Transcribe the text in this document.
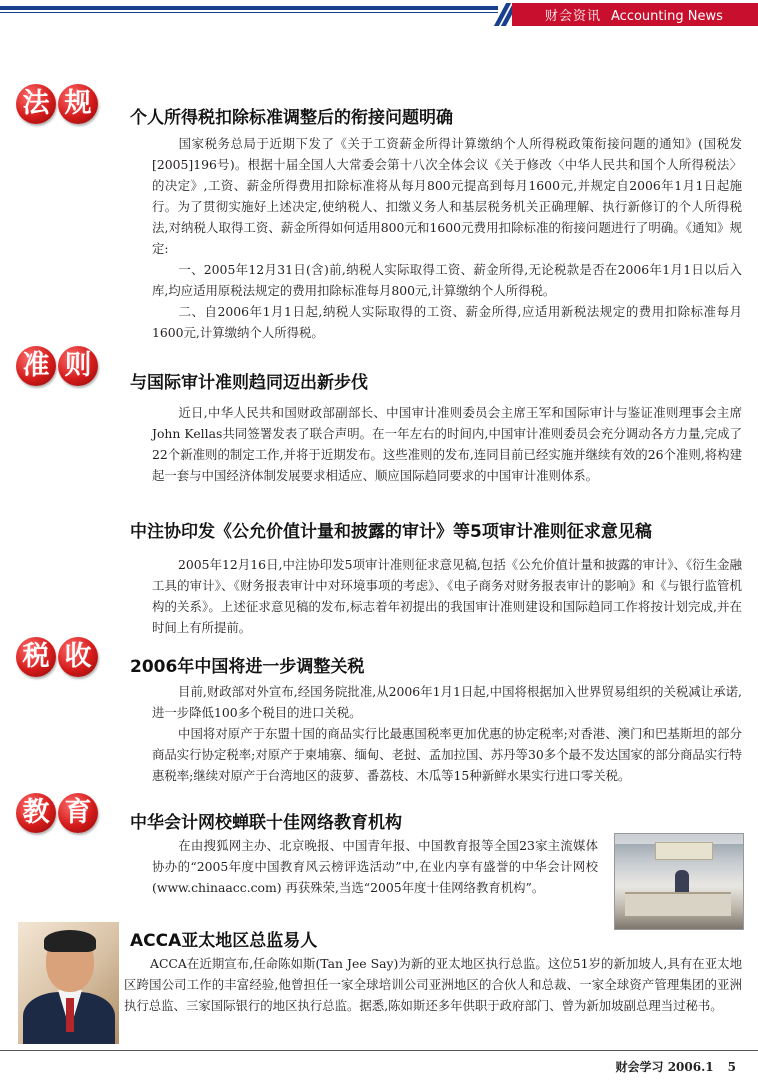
财会资讯 Accounting News
法 规	个人所得税扣除标准调整后的衔接问题明确

国家税务总局于近期下发了《关于工资薪金所得计算缴纳个人所得税政策衔接问题的通知》(国税发[2005]196号)。根据十届全国人大常委会第十八次全体会议《关于修改〈中华人民共和国个人所得税法〉的决定》,工资、薪金所得费用扣除标准将从每月800元提高到每月1600元,并规定自2006年1月1日起施行。为了贯彻实施好上述决定,使纳税人、扣缴义务人和基层税务机关正确理解、执行新修订的个人所得税法,对纳税人取得工资、薪金所得如何适用800元和1600元费用扣除标准的衔接问题进行了明确。《通知》规定:

一、2005年12月31日(含)前,纳税人实际取得工资、薪金所得,无论税款是否在2006年1月1日以后入库,均应适用原税法规定的费用扣除标准每月800元,计算缴纳个人所得税。

二、自2006年1月1日起,纳税人实际取得的工资、薪金所得,应适用新税法规定的费用扣除标准每月1600元,计算缴纳个人所得税。

准 则
与国际审计准则趋同迈出新步伐

近日,中华人民共和国财政部副部长、中国审计准则委员会主席王军和国际审计与鉴证准则理事会主席John Kellas共同签署发表了联合声明。在一年左右的时间内,中国审计准则委员会充分调动各方力量,完成了22个新准则的制定工作,并将于近期发布。这些准则的发布,连同目前已经实施并继续有效的26个准则,将构建起一套与中国经济体制发展要求相适应、顺应国际趋同要求的中国审计准则体系。

中注协印发《公允价值计量和披露的审计》等5项审计准则征求意见稿

2005年12月16日,中注协印发5项审计准则征求意见稿,包括《公允价值计量和披露的审计》、《衍生金融工具的审计》、《财务报表审计中对环境事项的考虑》、《电子商务对财务报表审计的影响》和《与银行监管机构的关系》。上述征求意见稿的发布,标志着年初提出的我国审计准则建设和国际趋同工作将按计划完成,并在时间上有所提前。

税 收	2006年中国将进一步调整关税

目前,财政部对外宣布,经国务院批准,从2006年1月1日起,中国将根据加入世界贸易组织的关税减让承诺,进一步降低100多个税目的进口关税。

中国将对原产于东盟十国的商品实行比最惠国税率更加优惠的协定税率;对香港、澳门和巴基斯坦的部分商品实行协定税率;对原产于柬埔寨、缅甸、老挝、孟加拉国、苏丹等30多个最不发达国家的部分商品实行特惠税率;继续对原产于台湾地区的菠萝、番荔枝、木瓜等15种新鲜水果实行进口零关税。

教 育	中华会计网校蝉联十佳网络教育机构

在由搜狐网主办、北京晚报、中国青年报、中国教育报等全国23家主流媒体协办的“2005年度中国教育风云榜评选活动”中,在业内享有盛誉的中华会计网校 (www.chinaacc.com) 再获殊荣,当选“2005年度十佳网络教育机构”。

ACCA亚太地区总监易人

ACCA在近期宣布,任命陈如斯(Tan Jee Say)为新的亚太地区执行总监。这位51岁的新加坡人,具有在亚太地区跨国公司工作的丰富经验,他曾担任一家全球培训公司亚洲地区的合伙人和总裁、一家全球资产管理集团的亚洲执行总监、三家国际银行的地区执行总监。据悉,陈如斯还多年供职于政府部门、曾为新加坡副总理当过秘书。

财会学习 2006.1 5
